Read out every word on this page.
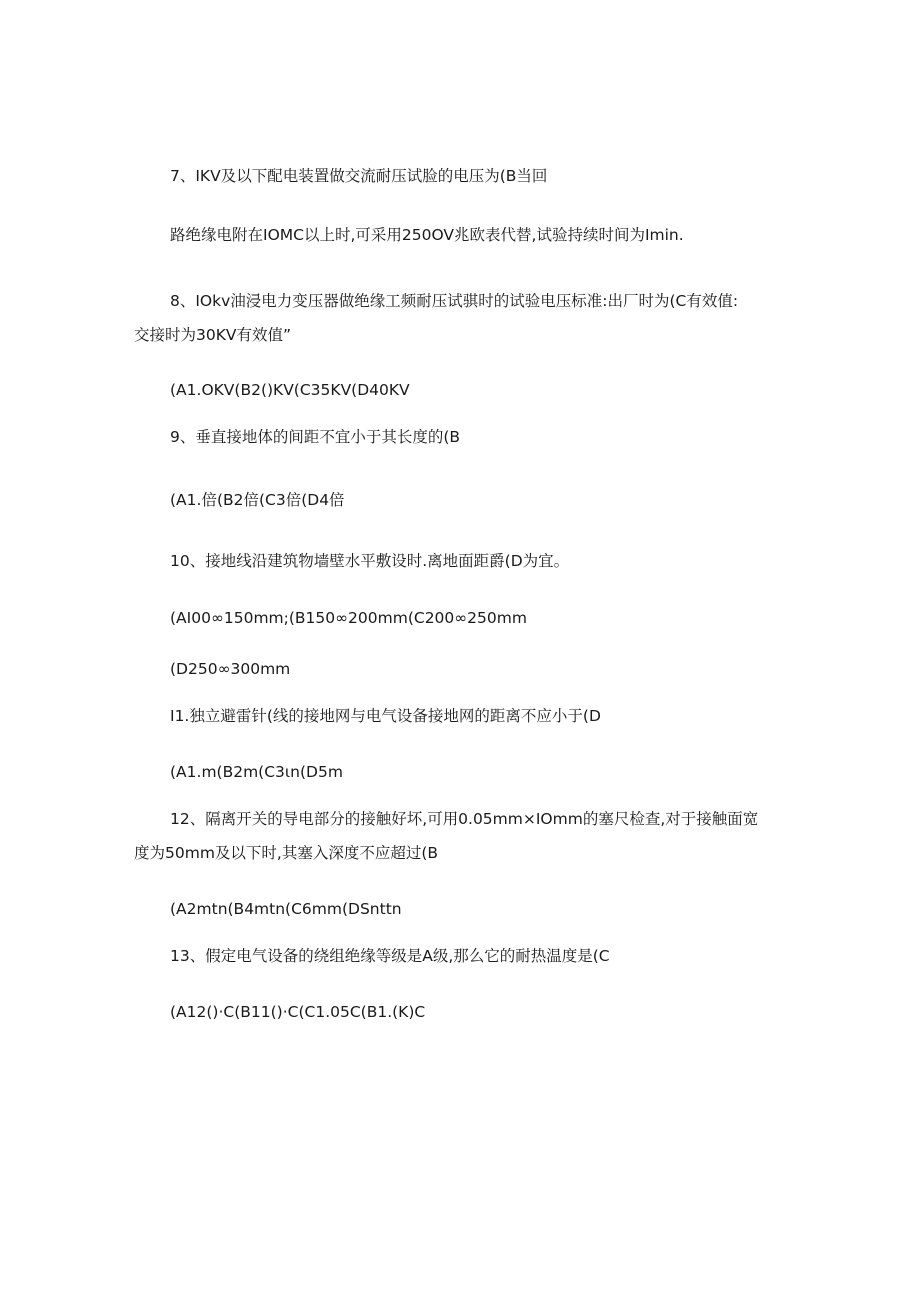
7、IKV及以下配电装置做交流耐压试脸的电压为(B当回
路绝缘电附在IOMC以上时,可采用250OV兆欧表代替,试验持续时间为Imin.
8、IOkv油浸电力变压器做绝缘工频耐压试骐时的试验电压标准:出厂时为(C有效值:
交接时为30KV有效值”
(A1.OKV(B2()KV(C35KV(D40KV
9、垂直接地体的间距不宜小于其长度的(B
(A1.倍(B2倍(C3倍(D4倍
10、接地线沿建筑物墙壁水平敷设时.离地面距爵(D为宜。
(AI00∞150mm;(B150∞200mm(C200∞250mm
(D250∞300mm
I1.独立避雷针(线的接地网与电气设备接地网的距离不应小于(D
(A1.m(B2m(C3ιn(D5m
12、隔离开关的导电部分的接触好坏,可用0.05mm×IOmm的塞尺检查,对于接触面宽
度为50mm及以下时,其塞入深度不应超过(B
(A2mtn(B4mtn(C6mm(DSnttn
13、假定电气设备的绕组绝缘等级是A级,那么它的耐热温度是(C
(A12()·C(B11()·C(C1.05C(B1.(K)C
